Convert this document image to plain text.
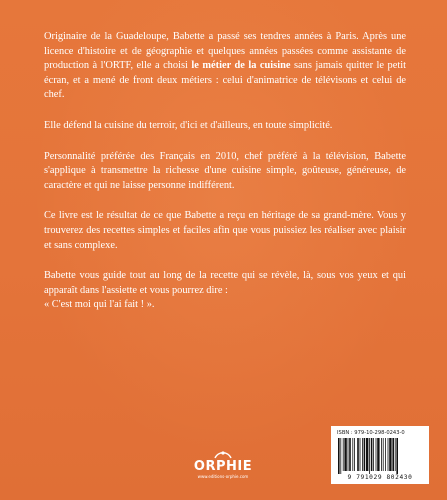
Originaire de la Guadeloupe, Babette a passé ses tendres années à Paris. Après une licence d'histoire et de géographie et quelques années passées comme assistante de production à l'ORTF, elle a choisi le métier de la cuisine sans jamais quitter le petit écran, et a mené de front deux métiers : celui d'animatrice de télévisons et celui de chef.

Elle défend la cuisine du terroir, d'ici et d'ailleurs, en toute simplicité.

Personnalité préférée des Français en 2010, chef préféré à la télévision, Babette s'applique à transmettre la richesse d'une cuisine simple, goûteuse, généreuse, de caractère et qui ne laisse personne indifférent.

Ce livre est le résultat de ce que Babette a reçu en héritage de sa grand-mère. Vous y trouverez des recettes simples et faciles afin que vous puissiez les réaliser avec plaisir et sans complexe.

Babette vous guide tout au long de la recette qui se révèle, là, sous vos yeux et qui apparaît dans l'assiette et vous pourrez dire :
« C'est moi qui l'ai fait ! ».

ORPHIE
www.editions-orphie.com
ISBN : 979-10-298-0243-0
9 791029 802430
